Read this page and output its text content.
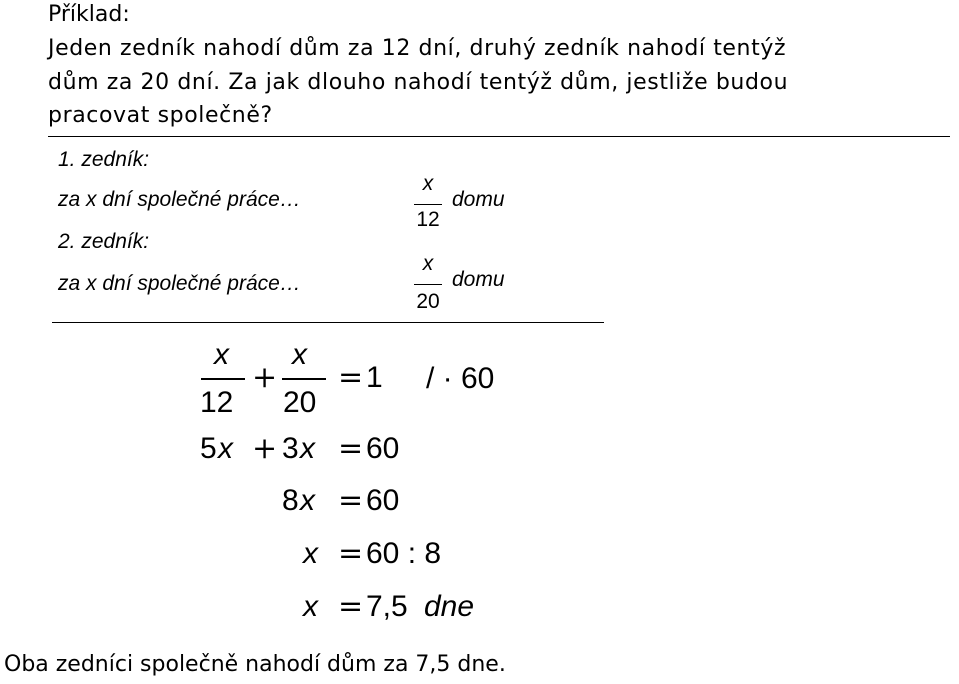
Příklad:
Jeden zedník nahodí dům za 12 dní, druhý zedník nahodí tentýž
dům za 20 dní. Za jak dlouho nahodí tentýž dům, jestliže budou
pracovat společně?
1. zedník:
za x dní společné práce…
x
12
domu
2. zedník:
za x dní společné práce…
x
20
domu
x
12
+
x
20
= 1 / · 60
5 x + 3 x = 60
8 x = 60
x = 60 : 8
x = 7,5 dne
Oba zedníci společně nahodí dům za 7,5 dne.
